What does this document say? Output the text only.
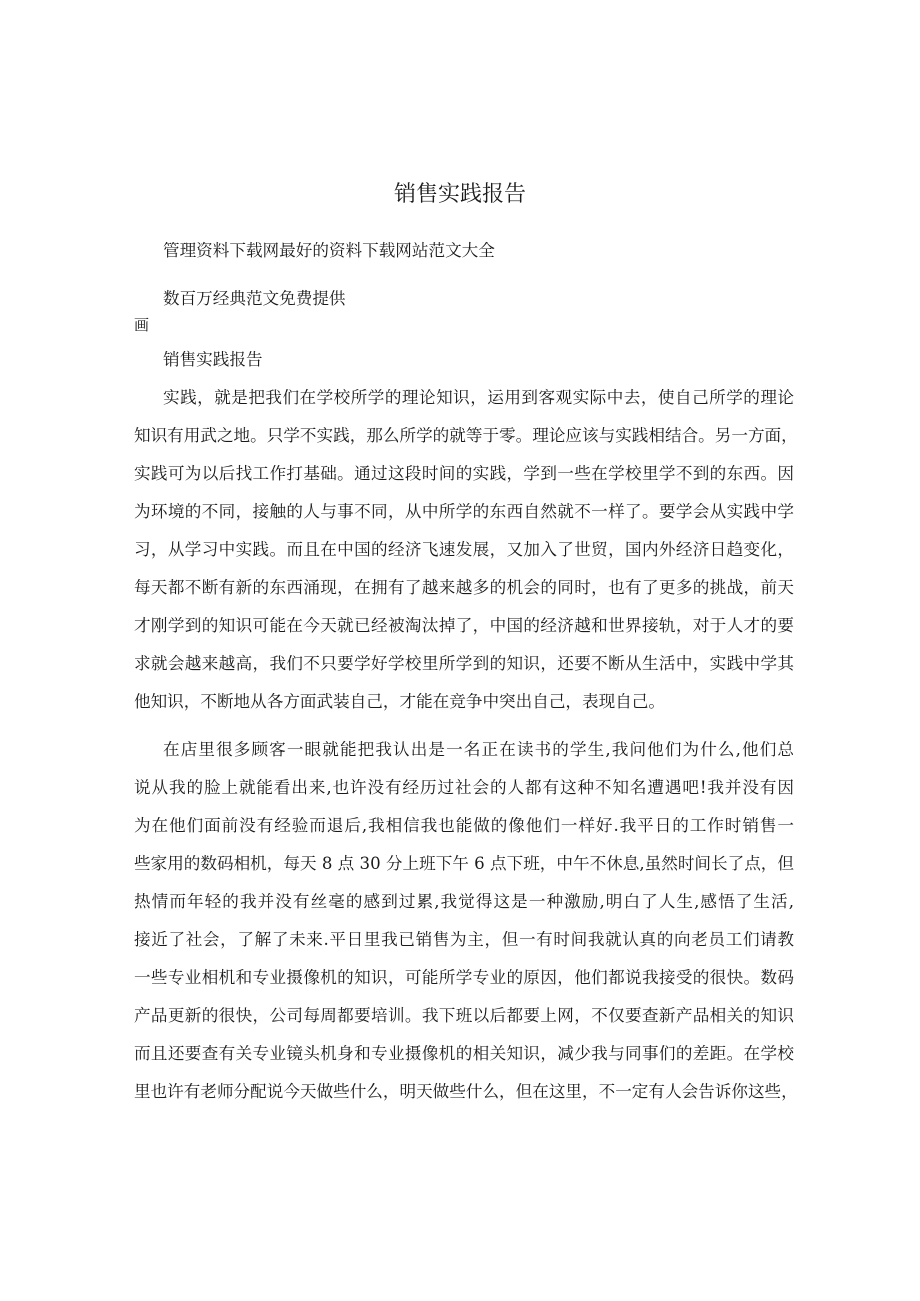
销售实践报告
管理资料下载网最好的资料下载网站范文大全
数百万经典范文免费提供
画
销售实践报告
实践，就是把我们在学校所学的理论知识，运用到客观实际中去，使自己所学的理论
知识有用武之地。只学不实践，那么所学的就等于零。理论应该与实践相结合。另一方面，
实践可为以后找工作打基础。通过这段时间的实践，学到一些在学校里学不到的东西。因
为环境的不同，接触的人与事不同，从中所学的东西自然就不一样了。要学会从实践中学
习，从学习中实践。而且在中国的经济飞速发展，又加入了世贸，国内外经济日趋变化，
每天都不断有新的东西涌现，在拥有了越来越多的机会的同时，也有了更多的挑战，前天
才刚学到的知识可能在今天就已经被淘汰掉了，中国的经济越和世界接轨，对于人才的要
求就会越来越高，我们不只要学好学校里所学到的知识，还要不断从生活中，实践中学其
他知识，不断地从各方面武装自己，才能在竞争中突出自己，表现自己。
在店里很多顾客一眼就能把我认出是一名正在读书的学生,我问他们为什么,他们总
说从我的脸上就能看出来,也许没有经历过社会的人都有这种不知名遭遇吧!我并没有因
为在他们面前没有经验而退后,我相信我也能做的像他们一样好.我平日的工作时销售一
些家用的数码相机，每天 8 点 30 分上班下午 6 点下班，中午不休息,虽然时间长了点，但
热情而年轻的我并没有丝毫的感到过累,我觉得这是一种激励,明白了人生,感悟了生活,
接近了社会，了解了未来.平日里我已销售为主，但一有时间我就认真的向老员工们请教
一些专业相机和专业摄像机的知识，可能所学专业的原因，他们都说我接受的很快。数码
产品更新的很快，公司每周都要培训。我下班以后都要上网，不仅要查新产品相关的知识
而且还要查有关专业镜头机身和专业摄像机的相关知识，减少我与同事们的差距。在学校
里也许有老师分配说今天做些什么，明天做些什么，但在这里，不一定有人会告诉你这些，
